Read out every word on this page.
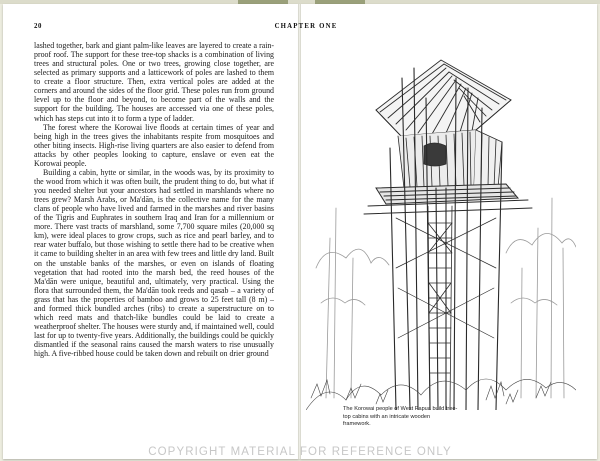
20	CHAPTER ONE

lashed together, bark and giant palm-like leaves are layered to create a rain-proof roof. The support for these tree-top shacks is a combination of living trees and structural poles. One or two trees, growing close together, are selected as primary supports and a latticework of poles are lashed to them to create a floor structure. Then, extra vertical poles are added at the corners and around the sides of the floor grid. These poles run from ground level up to the floor and beyond, to become part of the walls and the support for the building. The houses are accessed via one of these poles, which has steps cut into it to form a type of ladder.

The forest where the Korowai live floods at certain times of year and being high in the trees gives the inhabitants respite from mosquitoes and other biting insects. High-rise living quarters are also easier to defend from attacks by other peoples looking to capture, enslave or even eat the Korowai people.

Building a cabin, hytte or similar, in the woods was, by its proximity to the wood from which it was often built, the prudent thing to do, but what if you needed shelter but your ancestors had settled in marshlands where no trees grew? Marsh Arabs, or Ma'dān, is the collective name for the many clans of people who have lived and farmed in the marshes and river basins of the Tigris and Euphrates in southern Iraq and Iran for a millennium or more. There vast tracts of marshland, some 7,700 square miles (20,000 sq km), were ideal places to grow crops, such as rice and pearl barley, and to rear water buffalo, but those wishing to settle there had to be creative when it came to building shelter in an area with few trees and little dry land. Built on the unstable banks of the marshes, or even on islands of floating vegetation that had rooted into the marsh bed, the reed houses of the Ma'dān were unique, beautiful and, ultimately, very practical. Using the flora that surrounded them, the Ma'dān took reeds and qasab – a variety of grass that has the properties of bamboo and grows to 25 feet tall (8 m) – and formed thick bundled arches (ribs) to create a superstructure on to which reed mats and thatch-like bundles could be laid to create a weatherproof shelter. The houses were sturdy and, if maintained well, could last for up to twenty-five years. Additionally, the buildings could be quickly dismantled if the seasonal rains caused the marsh waters to rise unusually high. A five-ribbed house could be taken down and rebuilt on drier ground

The Korowai people of West Papua build tree-top cabins with an intricate wooden framework.
COPYRIGHT MATERIAL FOR REFERENCE ONLY
